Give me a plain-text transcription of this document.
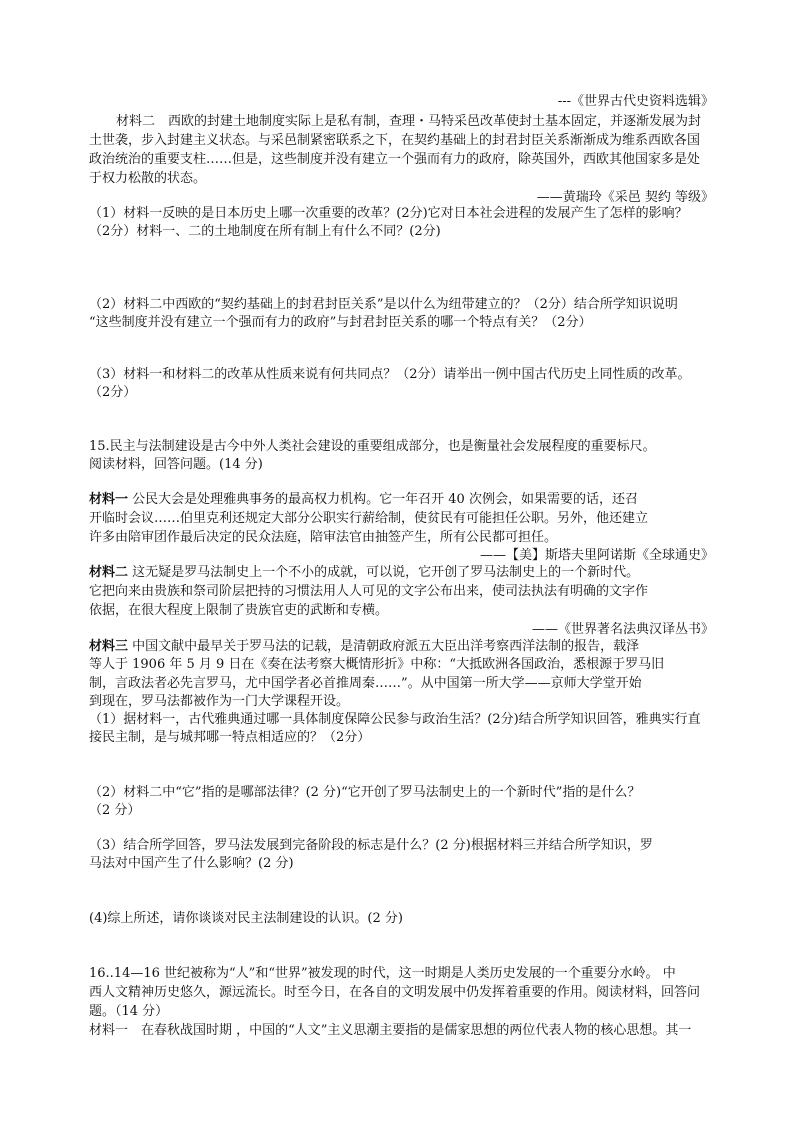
---《世界古代史资料选辑》
材料二　西欧的封建土地制度实际上是私有制，查理・马特采邑改革使封土基本固定，并逐渐发展为封
土世袭，步入封建主义状态。与采邑制紧密联系之下，在契约基础上的封君封臣关系渐渐成为维系西欧各国
政治统治的重要支柱……但是，这些制度并没有建立一个强而有力的政府，除英国外，西欧其他国家多是处
于权力松散的状态。
——黄瑞玲《采邑 契约 等级》
（1）材料一反映的是日本历史上哪一次重要的改革？(2分)它对日本社会进程的发展产生了怎样的影响？
（2分）材料一、二的土地制度在所有制上有什么不同？(2分)
（2）材料二中西欧的“契约基础上的封君封臣关系”是以什么为纽带建立的？（2分）结合所学知识说明
“这些制度并没有建立一个强而有力的政府”与封君封臣关系的哪一个特点有关？（2分）
（3）材料一和材料二的改革从性质来说有何共同点？（2分）请举出一例中国古代历史上同性质的改革。
（2分）
15.民主与法制建设是古今中外人类社会建设的重要组成部分，也是衡量社会发展程度的重要标尺。
阅读材料，回答问题。(14 分)
材料一 公民大会是处理雅典事务的最高权力机构。它一年召开 40 次例会，如果需要的话，还召
开临时会议……伯里克利还规定大部分公职实行薪给制，使贫民有可能担任公职。另外，他还建立
许多由陪审团作最后决定的民众法庭，陪审法官由抽签产生，所有公民都可担任。
——【美】斯塔夫里阿诺斯《全球通史》
材料二 这无疑是罗马法制史上一个不小的成就，可以说，它开创了罗马法制史上的一个新时代。
它把向来由贵族和祭司阶层把持的习惯法用人人可见的文字公布出来，使司法执法有明确的文字作
依据，在很大程度上限制了贵族官吏的武断和专横。
——《世界著名法典汉译丛书》
材料三 中国文献中最早关于罗马法的记载，是清朝政府派五大臣出洋考察西洋法制的报告，载泽
等人于 1906 年 5 月 9 日在《奏在法考察大概情形折》中称：“大抵欧洲各国政治，悉根源于罗马旧
制，言政法者必先言罗马，尤中国学者必首推周秦……”。从中国第一所大学——京师大学堂开始
到现在，罗马法都被作为一门大学课程开设。
（1）据材料一，古代雅典通过哪一具体制度保障公民参与政治生活？(2分)结合所学知识回答，雅典实行直
接民主制，是与城邦哪一特点相适应的？（2分）
（2）材料二中“它”指的是哪部法律？(2 分)“它开创了罗马法制史上的一个新时代”指的是什么？
（2 分）
（3）结合所学回答，罗马法发展到完备阶段的标志是什么？(2 分)根据材料三并结合所学知识，罗
马法对中国产生了什么影响？(2 分)
(4)综上所述，请你谈谈对民主法制建设的认识。(2 分)
16..14—16 世纪被称为“人”和“世界”被发现的时代，这一时期是人类历史发展的一个重要分水岭。 中
西人文精神历史悠久，源远流长。时至今日，在各自的文明发展中仍发挥着重要的作用。阅读材料，回答问
题。（14 分）
材料一　在春秋战国时期 ，中国的“人文”主义思潮主要指的是儒家思想的两位代表人物的核心思想。其一
